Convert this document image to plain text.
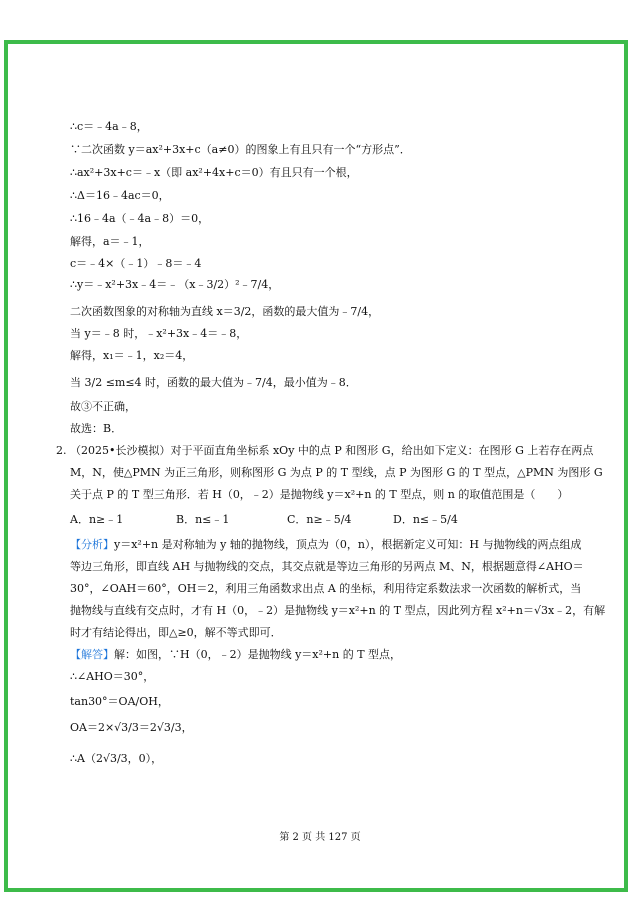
∴c＝﹣4a﹣8，
∵二次函数 y＝ax²+3x+c（a≠0）的图象上有且只有一个“方形点”．
∴ax²+3x+c＝﹣x（即 ax²+4x+c＝0）有且只有一个根，
∴Δ＝16﹣4ac＝0，
∴16﹣4a（﹣4a﹣8）＝0，
解得，a＝﹣1，
c＝﹣4×（﹣1）﹣8＝﹣4
∴y＝﹣x²+3x﹣4＝﹣（x﹣3/2）²﹣7/4，
二次函数图象的对称轴为直线 x＝3/2，函数的最大值为﹣7/4，
当 y＝﹣8 时，﹣x²+3x﹣4＝﹣8，
解得，x₁＝﹣1，x₂＝4，
当 3/2 ≤m≤4 时，函数的最大值为﹣7/4，最小值为﹣8．
故③不正确，
故选：B．
2. （2025•长沙模拟）对于平面直角坐标系 xOy 中的点 P 和图形 G，给出如下定义：在图形 G 上若存在两点
M，N，使△PMN 为正三角形，则称图形 G 为点 P 的 T 型线，点 P 为图形 G 的 T 型点，△PMN 为图形 G
关于点 P 的 T 型三角形．若 H（0，﹣2）是抛物线 y＝x²+n 的 T 型点，则 n 的取值范围是（　　）
A．n≥﹣1	B．n≤﹣1	C．n≥﹣5/4	D．n≤﹣5/4
【分析】y＝x²+n 是对称轴为 y 轴的抛物线，顶点为（0，n），根据新定义可知：H 与抛物线的两点组成
等边三角形，即直线 AH 与抛物线的交点，其交点就是等边三角形的另两点 M、N，根据题意得∠AHO＝
30°，∠OAH＝60°，OH＝2，利用三角函数求出点 A 的坐标，利用待定系数法求一次函数的解析式，当
抛物线与直线有交点时，才有 H（0，﹣2）是抛物线 y＝x²+n 的 T 型点，因此列方程 x²+n＝√3x﹣2，有解
时才有结论得出，即△≥0，解不等式即可．
【解答】解：如图，∵H（0，﹣2）是抛物线 y＝x²+n 的 T 型点，
∴∠AHO＝30°，
tan30°＝OA/OH，
OA＝2×√3/3＝2√3/3，
∴A（2√3/3，0），
第 2 页 共 127 页
